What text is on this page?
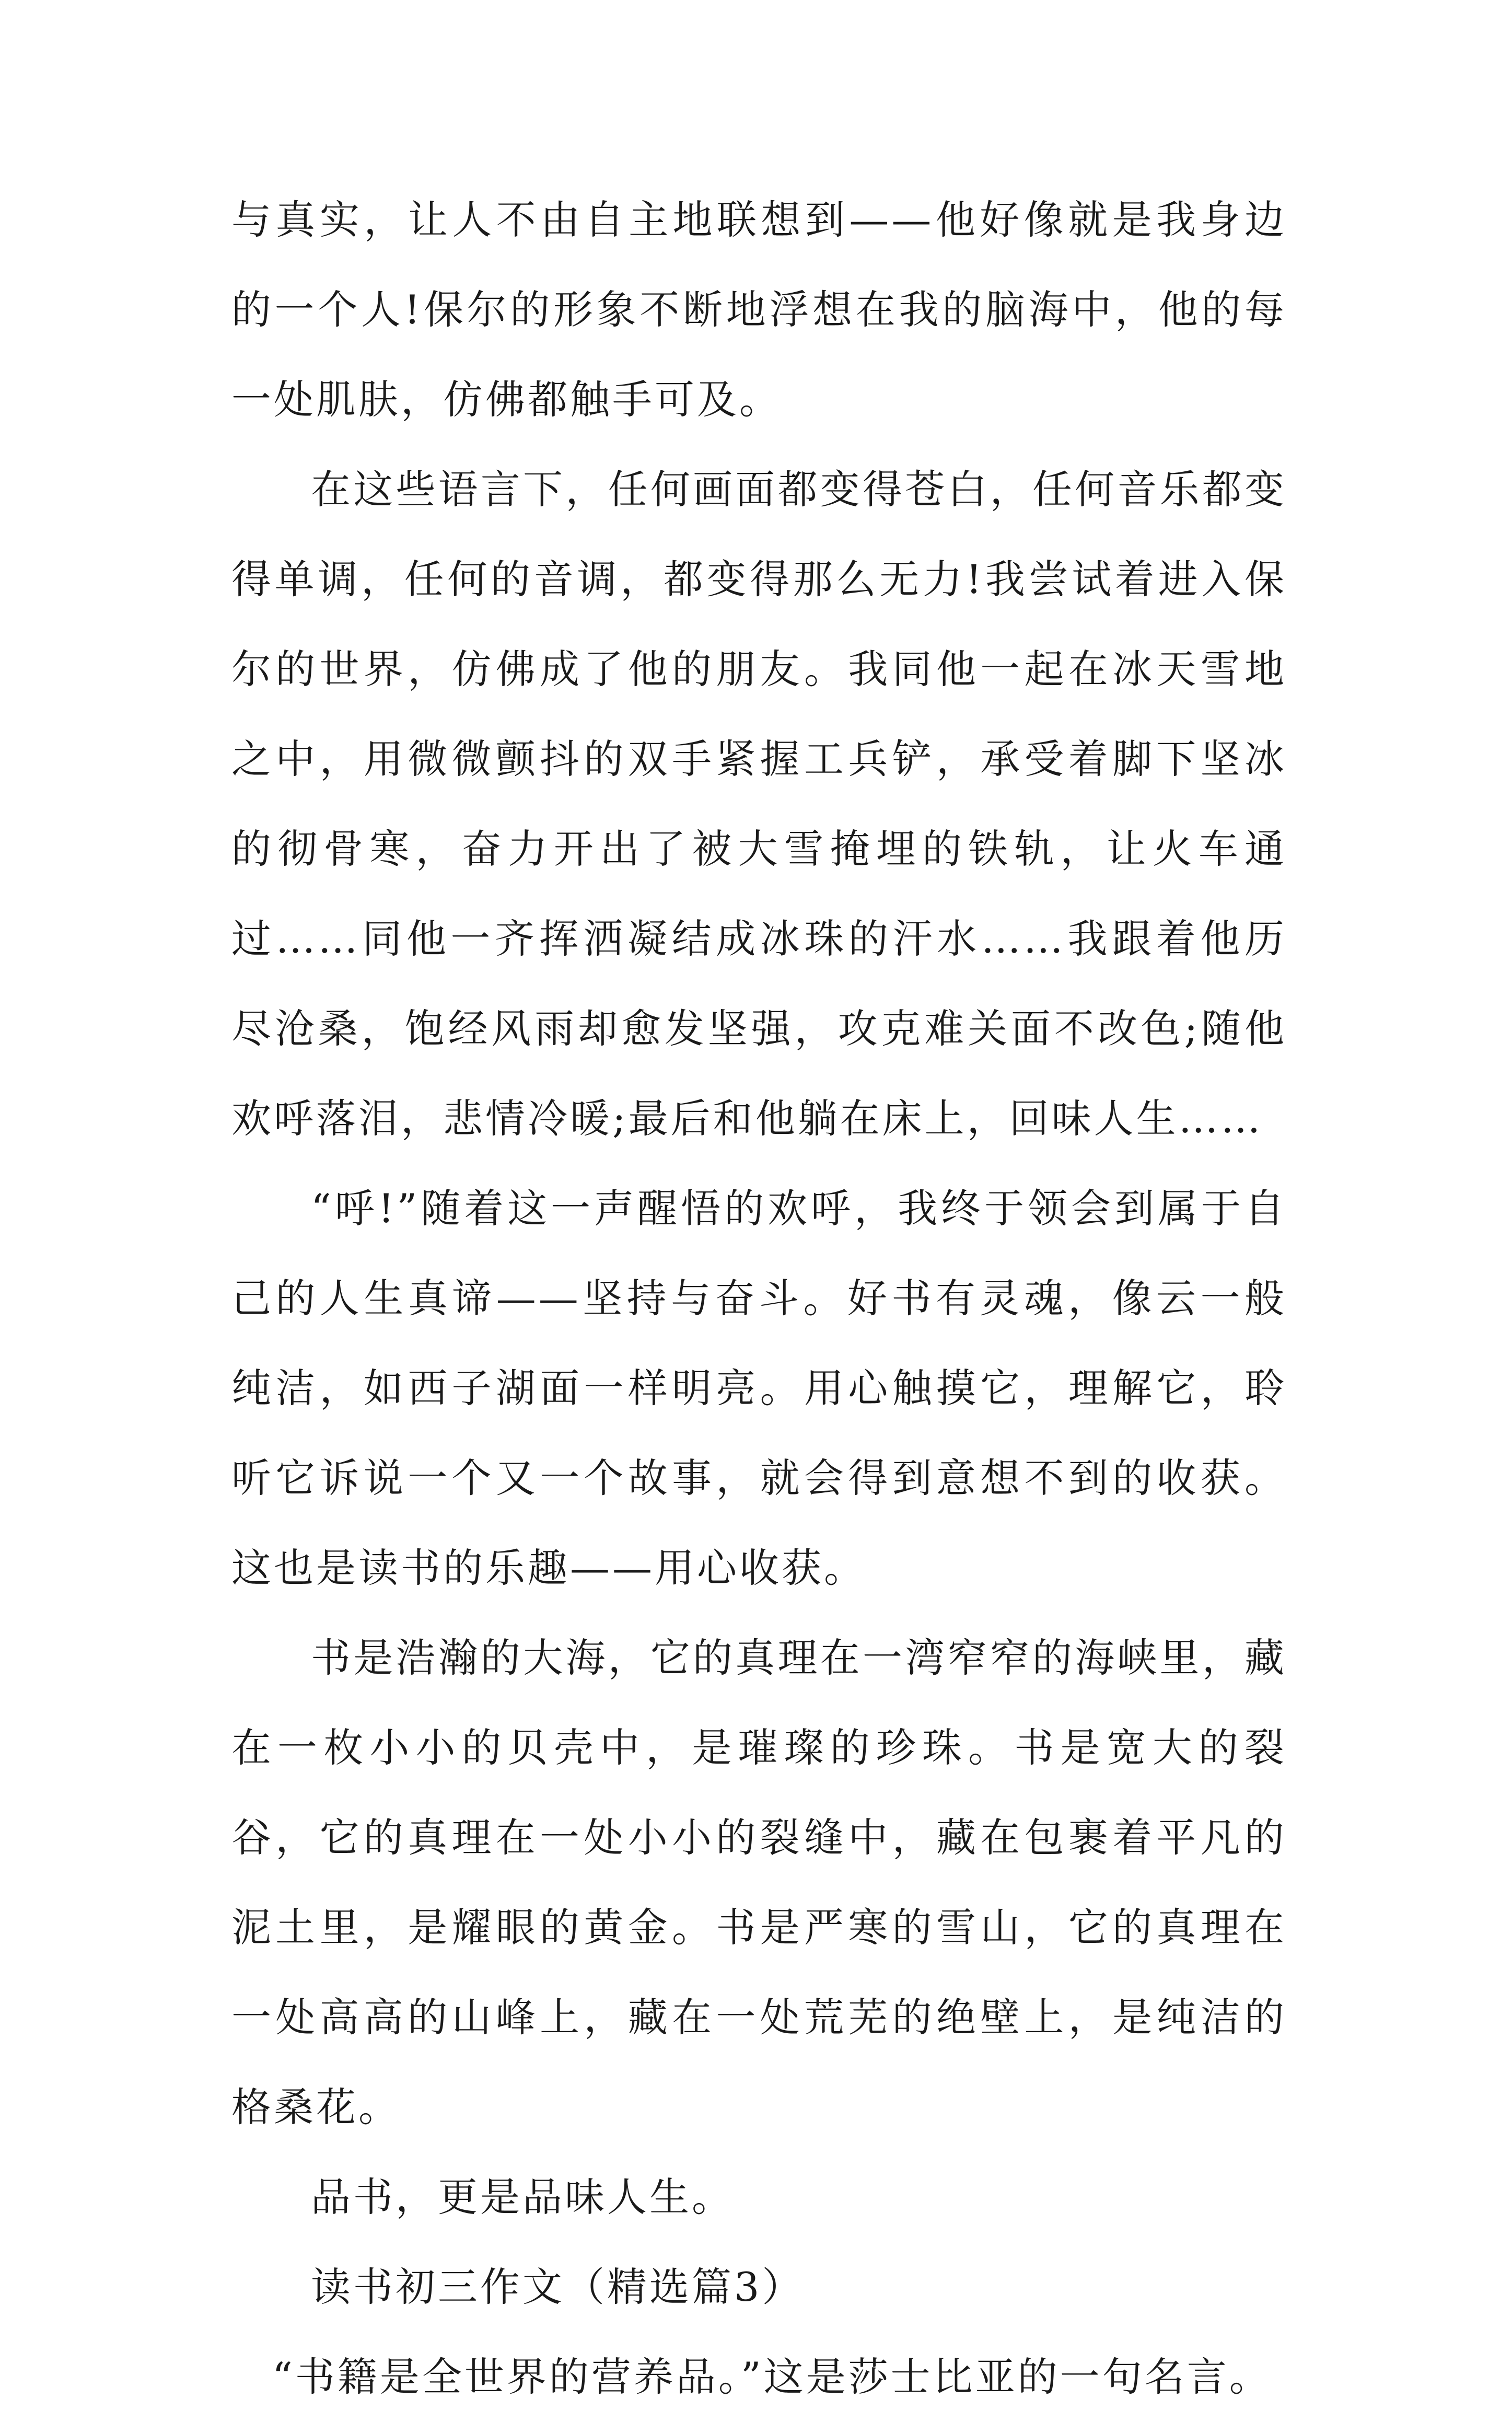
与真实，让人不由自主地联想到——他好像就是我身边的一个人!保尔的形象不断地浮想在我的脑海中，他的每一处肌肤，仿佛都触手可及。

在这些语言下，任何画面都变得苍白，任何音乐都变得单调，任何的音调，都变得那么无力!我尝试着进入保尔的世界，仿佛成了他的朋友。我同他一起在冰天雪地之中，用微微颤抖的双手紧握工兵铲，承受着脚下坚冰的彻骨寒，奋力开出了被大雪掩埋的铁轨，让火车通过……同他一齐挥洒凝结成冰珠的汗水……我跟着他历尽沧桑，饱经风雨却愈发坚强，攻克难关面不改色;随他欢呼落泪，悲情冷暖;最后和他躺在床上，回味人生……

“呼!”随着这一声醒悟的欢呼，我终于领会到属于自己的人生真谛——坚持与奋斗。好书有灵魂，像云一般纯洁，如西子湖面一样明亮。用心触摸它，理解它，聆听它诉说一个又一个故事，就会得到意想不到的收获。这也是读书的乐趣——用心收获。

书是浩瀚的大海，它的真理在一湾窄窄的海峡里，藏在一枚小小的贝壳中，是璀璨的珍珠。书是宽大的裂谷，它的真理在一处小小的裂缝中，藏在包裹着平凡的泥土里，是耀眼的黄金。书是严寒的雪山，它的真理在一处高高的山峰上，藏在一处荒芜的绝壁上，是纯洁的格桑花。

品书，更是品味人生。

读书初三作文（精选篇3）

“书籍是全世界的营养品。”这是莎士比亚的一句名言。
